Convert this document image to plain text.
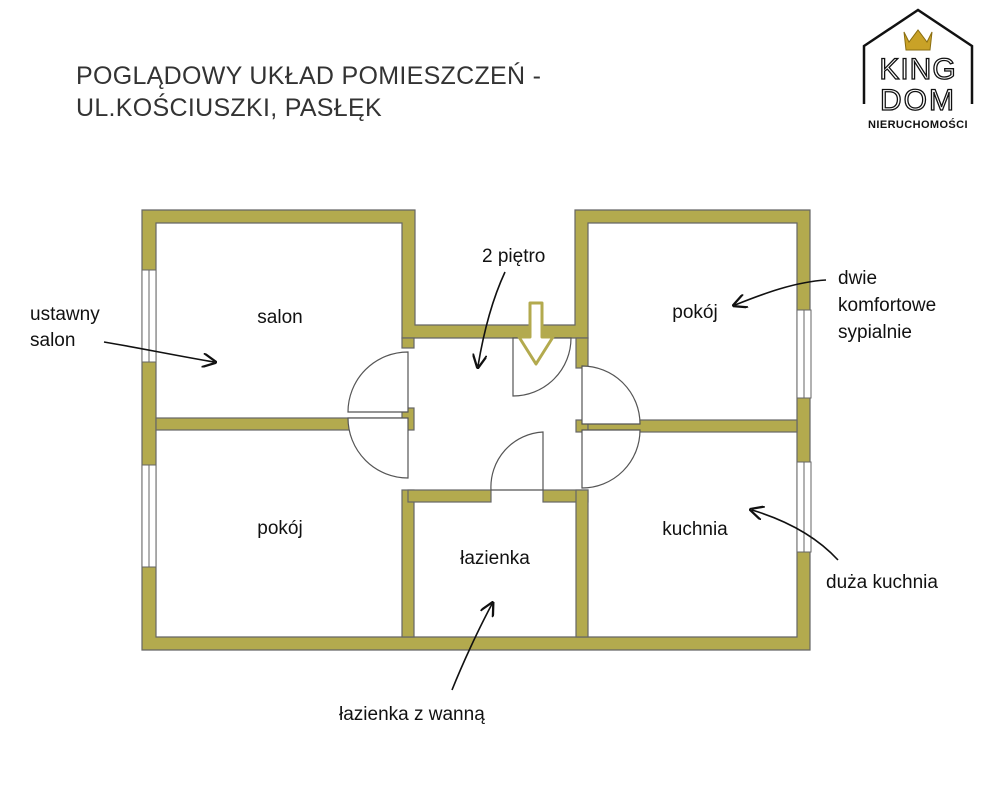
POGLĄDOWY UKŁAD POMIESZCZEŃ -
UL.KOŚCIUSZKI, PASŁĘK
KING
DOM
NIERUCHOMOŚCI
salon
pokój
pokój
łazienka
kuchnia
2 piętro
ustawny
salon
dwie
komfortowe
sypialnie
duża kuchnia
łazienka z wanną
